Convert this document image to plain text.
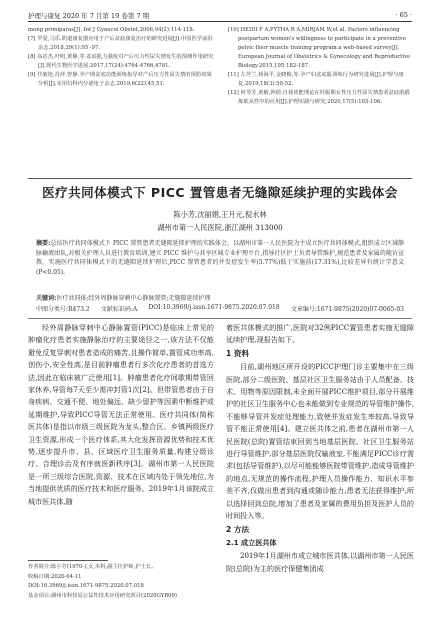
护理与康复 2020 年 7 月第 19 卷第 7 期	· 65 ·
mong primiparas[J]. Int J Gynecol Obstet,2006,94(2):114-118.
[7] 罗爱,马乐.阴道康复器应用于产后盆底康复治疗的研究进展[J].中国医学前沿杂志,2018,29(1):95 -97.
[8] 高洁杰,叶明,黄静,等.盆底肌力强度对产后压力性尿失禁发生的预测作用研究[J].现代生物医学进展,2017,17(24):4764-4766,4781.
[9] 代敏艳,肖萍,曾静.孕产期盆底功能训练指导对产后压力性尿失禁的预防效果分析[J].实用妇科内分泌电子杂志,2019,6(22):45,51.
[10] HEIDI F A,PYTHA R A,MIRJAM W,et al. Factors influencing postpartum women's willingness to participate in a preventive pelvic floor muscle training program:a web-based survey[J]. European Journal of Obstetrics & Gynecology and Reproductive Biology,2015,195:182-187.
[11] 左芹兰,杨海平,金晓梅,等.孕产妇盆底肌训练行为研究进展[J].护理与康复,2019,18(3):50-52.
[12] 何琴芳,黄敏,钟蔚.自我效能理论在妊娠期女性压力性尿失禁患者盆底肌锻炼依从性中的应用[J].护理实践与研究,2020,17(5):105-106.
医疗共同体模式下 PICC 置管患者无缝隙延续护理的实践体会
陈小芳,沈丽娟,王月元,倪水林
湖州市第一人民医院,浙江湖州 313000
摘要:总结医疗共同体模式下 PICC 置管患者无缝隙延续护理的实践体会。以湖州市第一人民医院为主成立医疗共同体模式,组织成立区域静脉输液团队,对相关护理人员进行教育培训,建立 PICC 维护与共享区城专业护理平台,指导社区护士负责导管维护,规范患者及家属的随访宣教。实施医疗共同体模式下的无缝隙延续护理后,PICC 置管患者的并发症发生率(5.77%)低于实施前(17.31%),比较差异有统计学意义(P<0.05)。
关键词:医疗共同体;经外周静脉穿刺中心静脉置管;无缝隙延续护理
中图分类号:R473.2 文献标识码:A DOI:10.3969/j.issn.1671-9875.2020.07.018 文章编号:1671-9875(2020)07-0065-03

经外周静脉穿刺中心静脉置管(PICC)是临床上常见的肿瘤化疗患者实施静脉治疗的主要途径之一,该方法不仅能避免反复穿刺对患者造成的痛苦,且操作简单,置管成功率高,创伤小,安全性高,是目前肿瘤患者行多次化疗患者的首选方法,因此在临床被广泛使用[1]。肿瘤患者化疗间歇期带管回家休养,导管每7天至少需冲封管1次[2]。但带管患者由于自身疾病、交通不便、地处偏远、缺少留护等因素中断维护或延期维护,导致PICC导管无法正常使用。医疗共同体(简称医共体)是指以市级三级医院为龙头,整合区、乡镇两级医疗卫生资源,形成一个医疗体系,其大化发挥资源优势和技术优势,逐步提升市、县、区域医疗卫生服务质量,构建分级诊疗、合理诊治及有序就医新秩序[3]。湖州市第一人民医院是一所三级综合医院,资源、技术在区域内处于领先地位,为当地提供优质的医疗技术和医疗服务。2019年1月该院成立城市医共体,随

着医共体模式的推广,医院对32例PICC置管患者实施无缝隙延续护理,现报告如下。

1 资料

目前,湖州地区所开设的PICC护理门诊主要集中在三级医院,部分二级医院、基层社区卫生服务站由于人员配备、技术、用物等原因限制,未全面开展PICC维护项目,部分开展维护的社区卫生服务中心也未能做到专业规范的导管维护操作,不能够导管并发症处理能力,致使并发症发生率较高,导致导管不能正常使用[4]。建立医共体之前,患者在湖州市第一人民医院(总院)置管结束回到当地基层医院、社区卫生服务站进行导管维护,部分基层医院仅输液室,不能满足PICC诊疗需求(包括导管维护),以尽可能能够医院带管维护,造成导管维护的地点,无规范的操作流程,护理人员操作能力、知识水平参差不齐,仅做出患者到沟通或随诊能力,患者无法获得维护,所以选择回到总院,增加了患者及家属的费用负担及医护人员的时间投入等。

2 方法
2.1 成立医共体

2019年1月湖州市成立城市医共体,以湖州市第一人民医院(总院)为主的医疗保健集团成

作者简介:陈小芳(1970-),女,本科,副主任护师,护士长。
收稿日期:2020-04-11
DOI:10.3969/j.issn.1671-9875.2020.07.018
基金项目:湖州市科技局公益性技术应用研究项目(2020GYB09)
